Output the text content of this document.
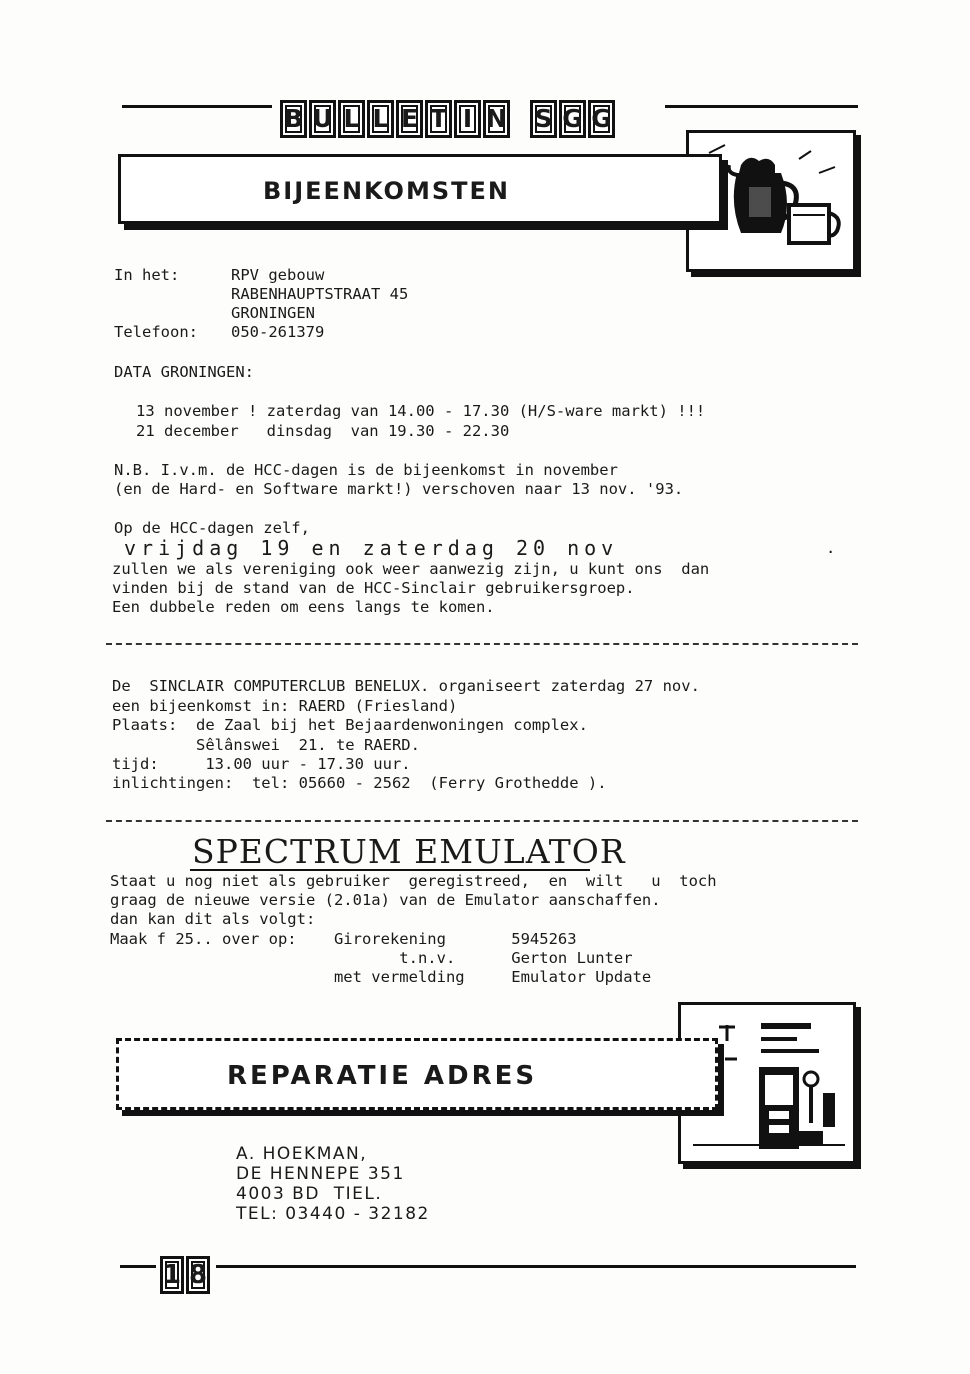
B U L L E T I N S G G
BIJEENKOMSTEN
In het:	RPV gebouw
RABENHAUPTSTRAAT 45
GRONINGEN
Telefoon: 050-261379
DATA GRONINGEN:
13 november ! zaterdag van 14.00 - 17.30 (H/S-ware markt) !!!
21 december   dinsdag  van 19.30 - 22.30
N.B. I.v.m. de HCC-dagen is de bijeenkomst in november
(en de Hard- en Software markt!) verschoven naar 13 nov. '93.
Op de HCC-dagen zelf,
vrijdag 19 en zaterdag 20 nov	.
zullen we als vereniging ook weer aanwezig zijn, u kunt ons  dan
vinden bij de stand van de HCC-Sinclair gebruikersgroep.
Een dubbele reden om eens langs te komen.
De  SINCLAIR COMPUTERCLUB BENELUX. organiseert zaterdag 27 nov.
een bijeenkomst in: RAERD (Friesland)
Plaats:  de Zaal bij het Bejaardenwoningen complex.
Sêlânswei  21. te RAERD.
tijd:     13.00 uur - 17.30 uur.
inlichtingen:  tel: 05660 - 2562  (Ferry Grothedde ).
SPECTRUM EMULATOR
Staat u nog niet als gebruiker  geregistreed,  en  wilt   u  toch
graag de nieuwe versie (2.01a) van de Emulator aanschaffen.
dan kan dit als volgt:
Maak f 25.. over op:    Girorekening       5945263
t.n.v.      Gerton Lunter
met vermelding     Emulator Update
REPARATIE ADRES
A. HOEKMAN,
DE HENNEPE 351
4003 BD  TIEL.
TEL: 03440 - 32182
1 8
